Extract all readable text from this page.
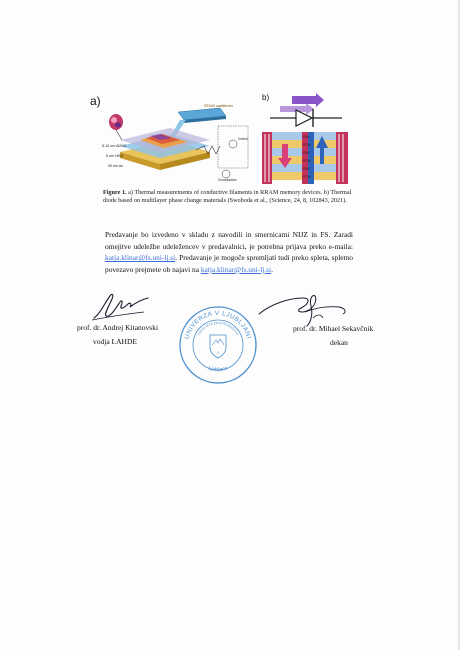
a)	b)
SThM cantilever
5-10 nm Al2O3
5 nm HfO2
30 nm Au
Vsthm
Vconductive
PML
PCM
PML
PCM
PML
PCM
Figure 1. a) Thermal measurements of conductive filaments in RRAM memory devices. b) Thermal diode based on multilayer phase change materials (Swoboda et al., (Science, 24, 8, 102843, 2021).
Predavanje bo izvedeno v skladu z navodili in smernicami NIJZ in FS. Zaradi omejitve udeležbe udeležencev v predavalnici, je potrebna prijava preko e-maila: katja.klinar@fs.uni-lj.si. Predavanje je mogoče spremljati tudi preko spleta, spletno povezavo prejmete ob najavi na katja.klinar@fs.uni-lj.si.
UNIVERZA V LJUBLJANI
FAKULTETA ZA STROJNIŠTVO
1
Ljubljana
prof. dr. Andrej Kitanovski
vodja LAHDE
prof. dr. Mihael Sekavčnik
dekan
